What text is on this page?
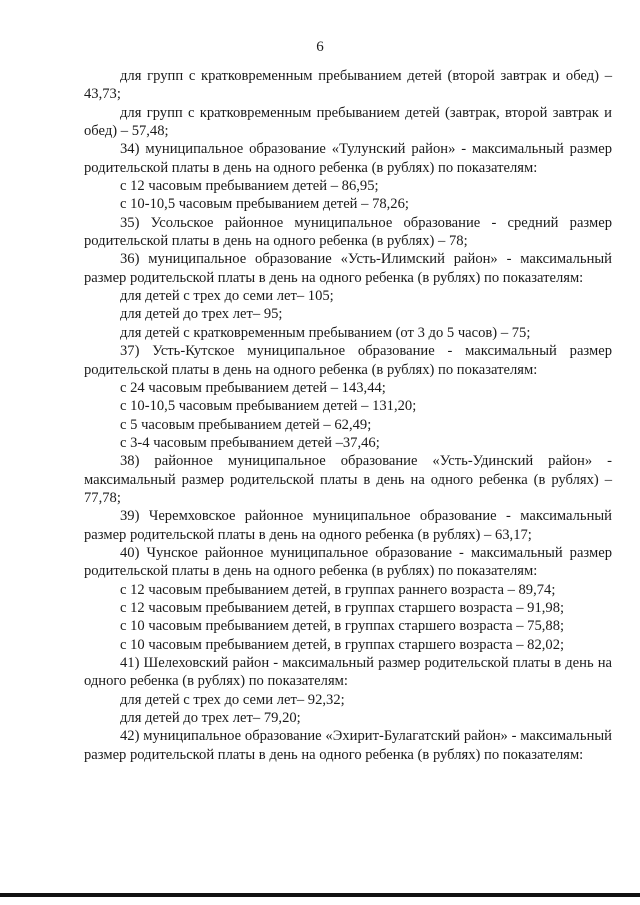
6

для групп с кратковременным пребыванием детей (второй завтрак и обед) – 43,73;

для групп с кратковременным пребыванием детей (завтрак, второй завтрак и обед) – 57,48;

34) муниципальное образование «Тулунский район» - максимальный размер родительской платы в день на одного ребенка (в рублях) по показателям:

с 12 часовым пребыванием детей – 86,95;

с 10-10,5 часовым пребыванием детей – 78,26;

35) Усольское районное муниципальное образование - средний размер родительской платы в день на одного ребенка (в рублях) – 78;

36) муниципальное образование «Усть-Илимский район» - максимальный размер родительской платы в день на одного ребенка (в рублях) по показателям:

для детей с трех до семи лет– 105;

для детей до трех лет– 95;

для детей с кратковременным пребыванием (от 3 до 5 часов) – 75;

37) Усть-Кутское муниципальное образование - максимальный размер родительской платы в день на одного ребенка (в рублях) по показателям:

с 24 часовым пребыванием детей – 143,44;

с 10-10,5 часовым пребыванием детей – 131,20;

с 5 часовым пребыванием детей – 62,49;

с 3-4 часовым пребыванием детей –37,46;

38) районное муниципальное образование «Усть-Удинский район» - максимальный размер родительской платы в день на одного ребенка (в рублях) – 77,78;

39) Черемховское районное муниципальное образование - максимальный размер родительской платы в день на одного ребенка (в рублях) – 63,17;

40) Чунское районное муниципальное образование - максимальный размер родительской платы в день на одного ребенка (в рублях) по показателям:

с 12 часовым пребыванием детей, в группах раннего возраста – 89,74;

с 12 часовым пребыванием детей, в группах старшего возраста – 91,98;

с 10 часовым пребыванием детей, в группах старшего возраста – 75,88;

с 10 часовым пребыванием детей, в группах старшего возраста – 82,02;

41) Шелеховский район - максимальный размер родительской платы в день на одного ребенка (в рублях) по показателям:

для детей с трех до семи лет– 92,32;

для детей до трех лет– 79,20;

42) муниципальное образование «Эхирит-Булагатский район» - максимальный размер родительской платы в день на одного ребенка (в рублях) по показателям:
